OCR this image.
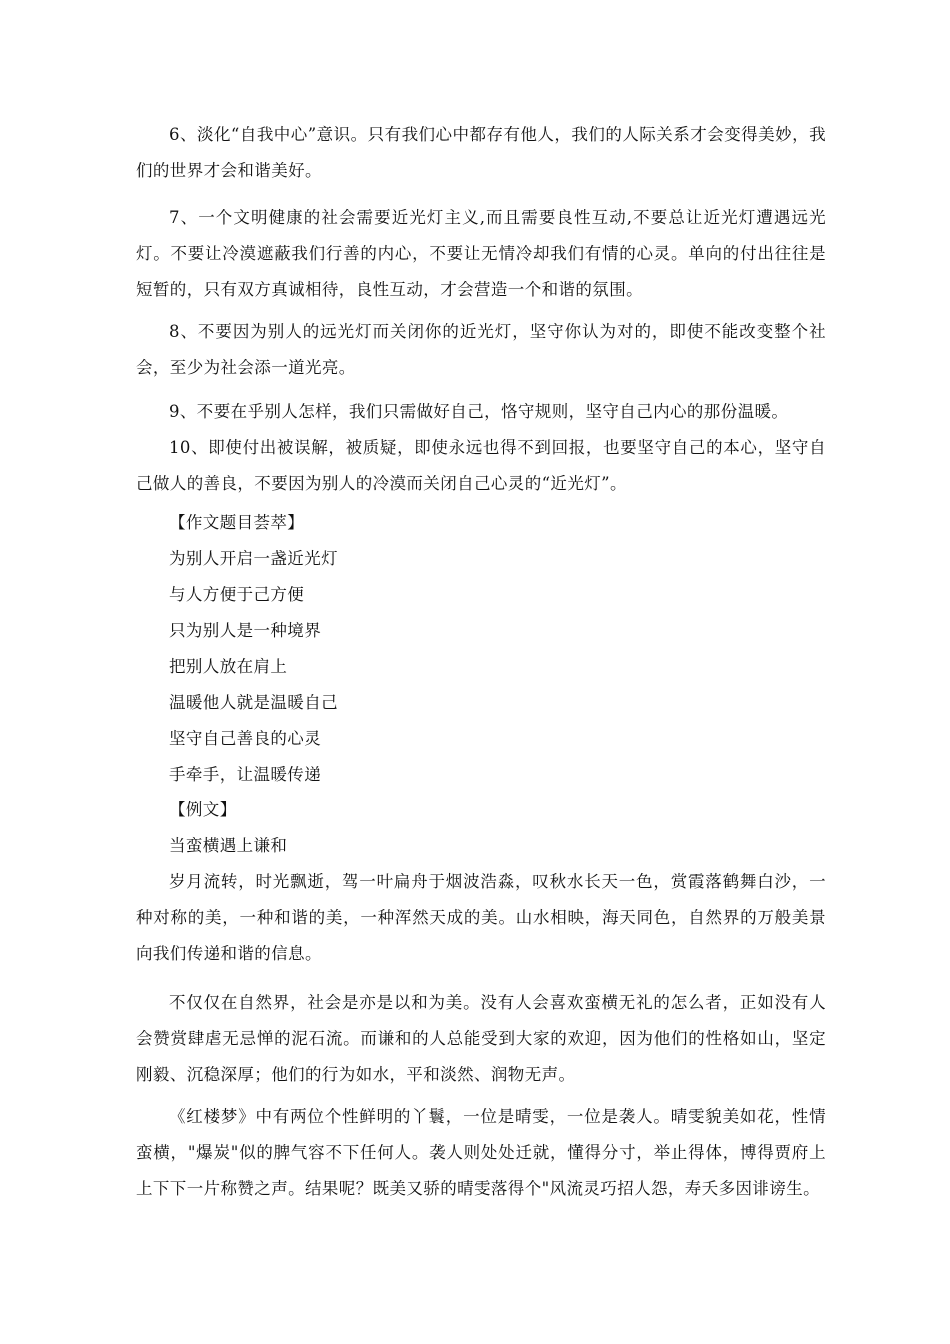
6、淡化“自我中心”意识。只有我们心中都存有他人，我们的人际关系才会变得美妙，我们的世界才会和谐美好。

7、一个文明健康的社会需要近光灯主义,而且需要良性互动,不要总让近光灯遭遇远光灯。不要让冷漠遮蔽我们行善的内心，不要让无情冷却我们有情的心灵。单向的付出往往是短暂的，只有双方真诚相待，良性互动，才会营造一个和谐的氛围。

8、不要因为别人的远光灯而关闭你的近光灯，坚守你认为对的，即使不能改变整个社会，至少为社会添一道光亮。

9、不要在乎别人怎样，我们只需做好自己，恪守规则，坚守自己内心的那份温暖。

10、即使付出被误解，被质疑，即使永远也得不到回报，也要坚守自己的本心，坚守自己做人的善良，不要因为别人的冷漠而关闭自己心灵的“近光灯”。

【作文题目荟萃】

为别人开启一盏近光灯

与人方便于己方便

只为别人是一种境界

把别人放在肩上

温暖他人就是温暖自己

坚守自己善良的心灵

手牵手，让温暖传递

【例文】

当蛮横遇上谦和

岁月流转，时光飘逝，驾一叶扁舟于烟波浩淼，叹秋水长天一色，赏霞落鹤舞白沙，一种对称的美，一种和谐的美，一种浑然天成的美。山水相映，海天同色，自然界的万般美景向我们传递和谐的信息。

不仅仅在自然界，社会是亦是以和为美。没有人会喜欢蛮横无礼的怎么者，正如没有人会赞赏肆虐无忌惮的泥石流。而谦和的人总能受到大家的欢迎，因为他们的性格如山，坚定刚毅、沉稳深厚；他们的行为如水，平和淡然、润物无声。

《红楼梦》中有两位个性鲜明的丫鬟，一位是晴雯，一位是袭人。晴雯貌美如花，性情蛮横，"爆炭"似的脾气容不下任何人。袭人则处处迁就，懂得分寸，举止得体，博得贾府上上下下一片称赞之声。结果呢？既美又骄的晴雯落得个"风流灵巧招人怨，寿夭多因诽谤生。
